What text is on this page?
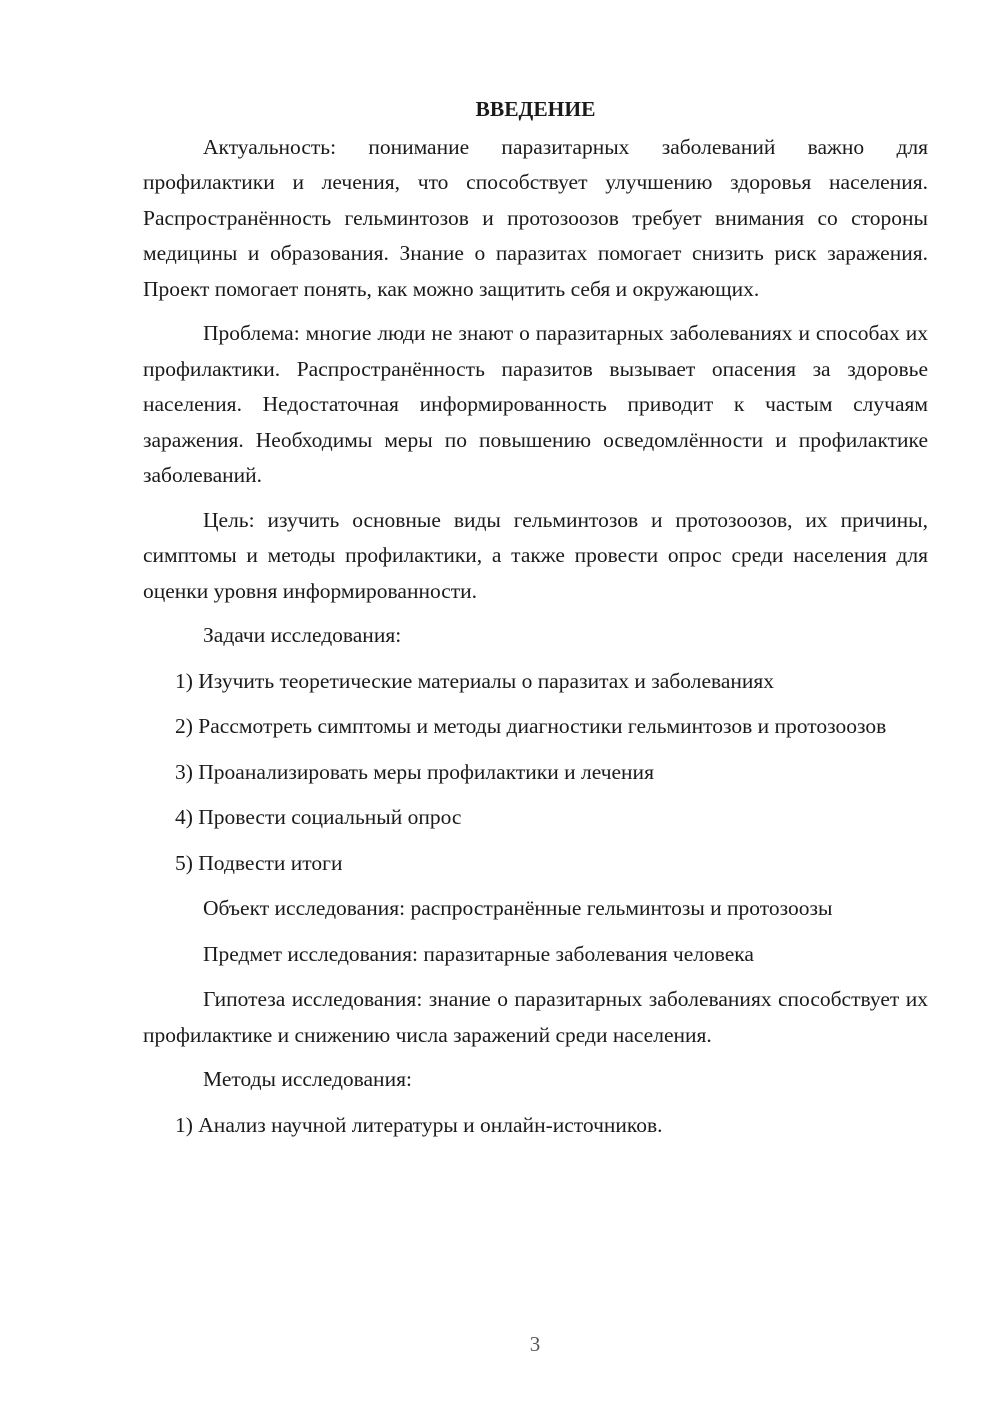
ВВЕДЕНИЕ

Актуальность: понимание паразитарных заболеваний важно для профилактики и лечения, что способствует улучшению здоровья населения. Распространённость гельминтозов и протозоозов требует внимания со стороны медицины и образования. Знание о паразитах помогает снизить риск заражения. Проект помогает понять, как можно защитить себя и окружающих.

Проблема: многие люди не знают о паразитарных заболеваниях и способах их профилактики. Распространённость паразитов вызывает опасения за здоровье населения. Недостаточная информированность приводит к частым случаям заражения. Необходимы меры по повышению осведомлённости и профилактике заболеваний.

Цель: изучить основные виды гельминтозов и протозоозов, их причины, симптомы и методы профилактики, а также провести опрос среди населения для оценки уровня информированности.

Задачи исследования:

1) Изучить теоретические материалы о паразитах и заболеваниях

2) Рассмотреть симптомы и методы диагностики гельминтозов и протозоозов

3) Проанализировать меры профилактики и лечения

4) Провести социальный опрос

5) Подвести итоги

Объект исследования: распространённые гельминтозы и протозоозы

Предмет исследования: паразитарные заболевания человека

Гипотеза исследования: знание о паразитарных заболеваниях способствует их профилактике и снижению числа заражений среди населения.

Методы исследования:

1) Анализ научной литературы и онлайн-источников.

3
